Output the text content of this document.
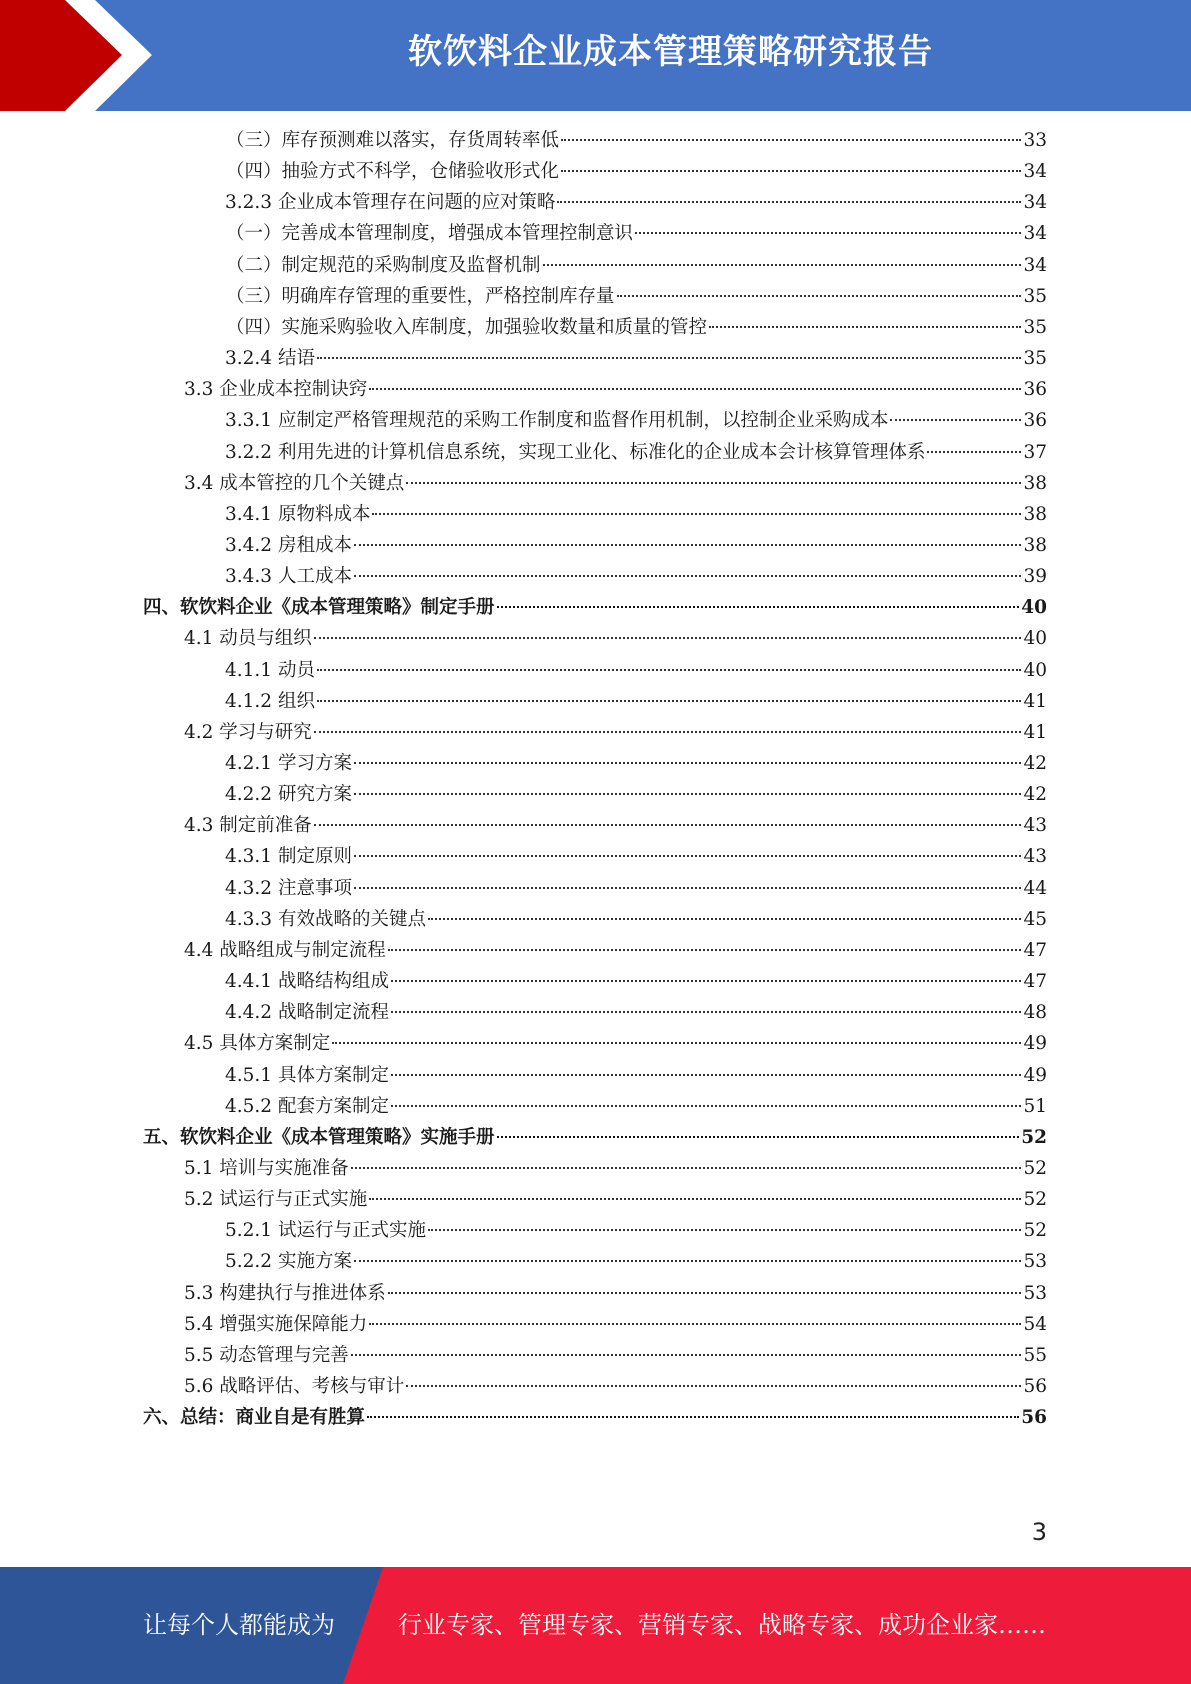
软饮料企业成本管理策略研究报告
（三）库存预测难以落实，存货周转率低	33
（四）抽验方式不科学，仓储验收形式化	34
3.2.3 企业成本管理存在问题的应对策略	34
（一）完善成本管理制度，增强成本管理控制意识	34
（二）制定规范的采购制度及监督机制	34
（三）明确库存管理的重要性，严格控制库存量	35
（四）实施采购验收入库制度，加强验收数量和质量的管控	35
3.2.4 结语	35
3.3 企业成本控制诀窍	36
3.3.1 应制定严格管理规范的采购工作制度和监督作用机制，以控制企业采购成本	36
3.2.2 利用先进的计算机信息系统，实现工业化、标准化的企业成本会计核算管理体系	37
3.4 成本管控的几个关键点	38
3.4.1 原物料成本	38
3.4.2 房租成本	38
3.4.3 人工成本	39
四、软饮料企业《成本管理策略》制定手册	40
4.1 动员与组织	40
4.1.1 动员	40
4.1.2 组织	41
4.2 学习与研究	41
4.2.1 学习方案	42
4.2.2 研究方案	42
4.3 制定前准备	43
4.3.1 制定原则	43
4.3.2 注意事项	44
4.3.3 有效战略的关键点	45
4.4 战略组成与制定流程	47
4.4.1 战略结构组成	47
4.4.2 战略制定流程	48
4.5 具体方案制定	49
4.5.1 具体方案制定	49
4.5.2 配套方案制定	51
五、软饮料企业《成本管理策略》实施手册	52
5.1 培训与实施准备	52
5.2 试运行与正式实施	52
5.2.1 试运行与正式实施	52
5.2.2 实施方案	53
5.3 构建执行与推进体系	53
5.4 增强实施保障能力	54
5.5 动态管理与完善	55
5.6 战略评估、考核与审计	56
六、总结：商业自是有胜算	56
3
让每个人都能成为	行业专家、管理专家、营销专家、战略专家、成功企业家……
